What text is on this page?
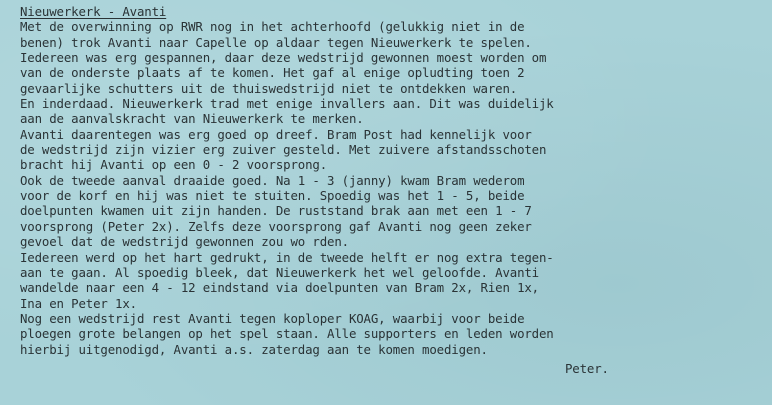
Nieuwerkerk - Avanti
Met de overwinning op RWR nog in het achterhoofd (gelukkig niet in de
benen) trok Avanti naar Capelle op aldaar tegen Nieuwerkerk te spelen.
Iedereen was erg gespannen, daar deze wedstrijd gewonnen moest worden om
van de onderste plaats af te komen. Het gaf al enige opludting toen 2
gevaarlijke schutters uit de thuiswedstrijd niet te ontdekken waren.
En inderdaad. Nieuwerkerk trad met enige invallers aan. Dit was duidelijk
aan de aanvalskracht van Nieuwerkerk te merken.
Avanti daarentegen was erg goed op dreef. Bram Post had kennelijk voor
de wedstrijd zijn vizier erg zuiver gesteld. Met zuivere afstandsschoten
bracht hij Avanti op een 0 - 2 voorsprong.
Ook de tweede aanval draaide goed. Na 1 - 3 (janny) kwam Bram wederom
voor de korf en hij was niet te stuiten. Spoedig was het 1 - 5, beide
doelpunten kwamen uit zijn handen. De ruststand brak aan met een 1 - 7
voorsprong (Peter 2x). Zelfs deze voorsprong gaf Avanti nog geen zeker
gevoel dat de wedstrijd gewonnen zou wo rden.
Iedereen werd op het hart gedrukt, in de tweede helft er nog extra tegen-
aan te gaan. Al spoedig bleek, dat Nieuwerkerk het wel geloofde. Avanti
wandelde naar een 4 - 12 eindstand via doelpunten van Bram 2x, Rien 1x,
Ina en Peter 1x.
Nog een wedstrijd rest Avanti tegen koploper KOAG, waarbij voor beide
ploegen grote belangen op het spel staan. Alle supporters en leden worden
hierbij uitgenodigd, Avanti a.s. zaterdag aan te komen moedigen.
Peter.
